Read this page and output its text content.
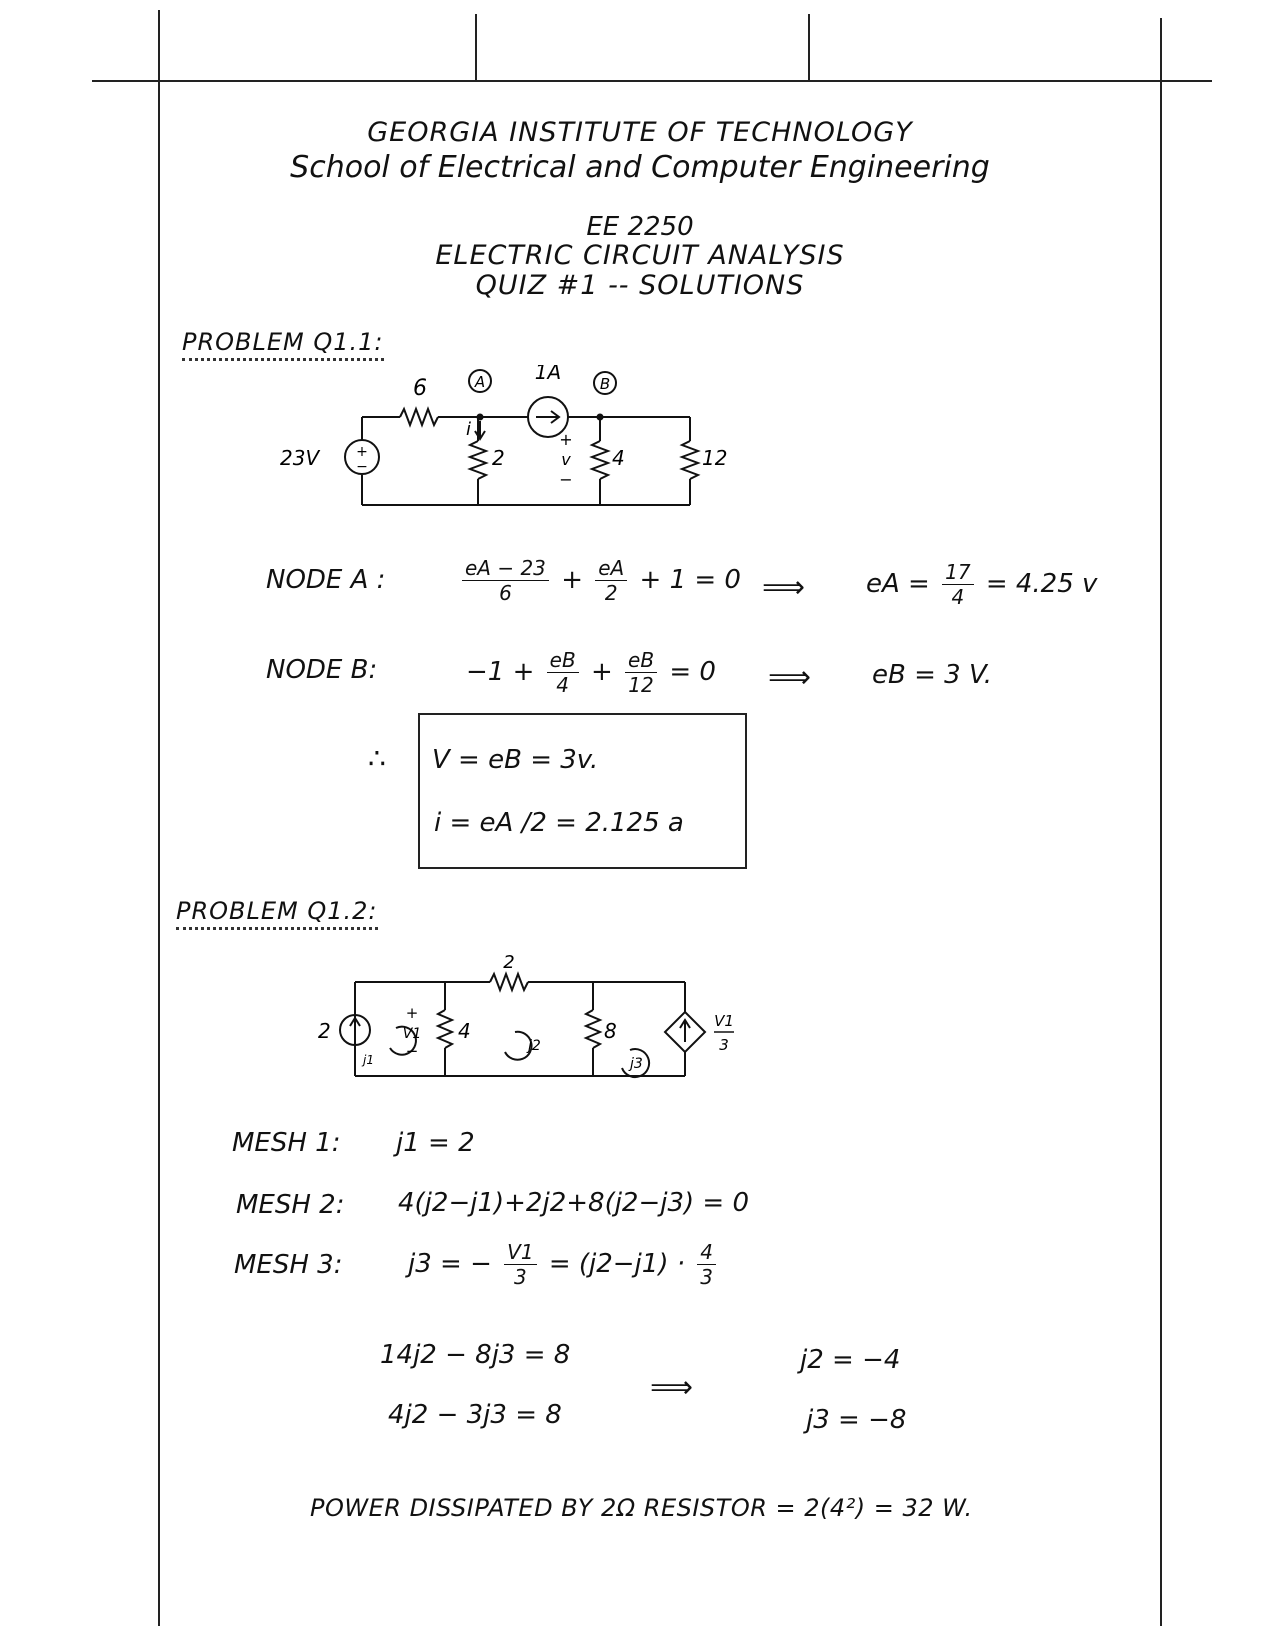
GEORGIA INSTITUTE OF TECHNOLOGY
School of Electrical and Computer Engineering
EE 2250
ELECTRIC CIRCUIT ANALYSIS
QUIZ #1 -- SOLUTIONS
PROBLEM Q1.1:
6	A	B
1A
23V	+
−
i
2	4	12
+
v
−
NODE A :	$\frac{eA - 23}{6} + \frac{eA}{2} + 1 = 0$ ⟹ eA = $\frac{17}{4} = 4.25$ v
NODE B:	$-1 + \frac{eB}{4} + \frac{eB}{12} = 0$ ⟹ eB = 3 V.
∴ V = eB = 3v.
i = eA /2 = 2.125 a
PROBLEM Q1.2:
2
2
4	8
+
V1
−
j1
j2
j3
V1
3
MESH 1: j1 = 2
MESH 2: 4(j2−j1)+2j2+8(j2−j3) = 0
MESH 3:	j3 = − $\frac{V1}{3} = (j2-j1) \cdot \frac{4}{3}$
14j2 − 8j3 = 8
4j2 − 3j3 = 8
⟹
j2 = −4
j3 = −8
POWER DISSIPATED BY 2Ω RESISTOR = 2(4²) = 32 W.
